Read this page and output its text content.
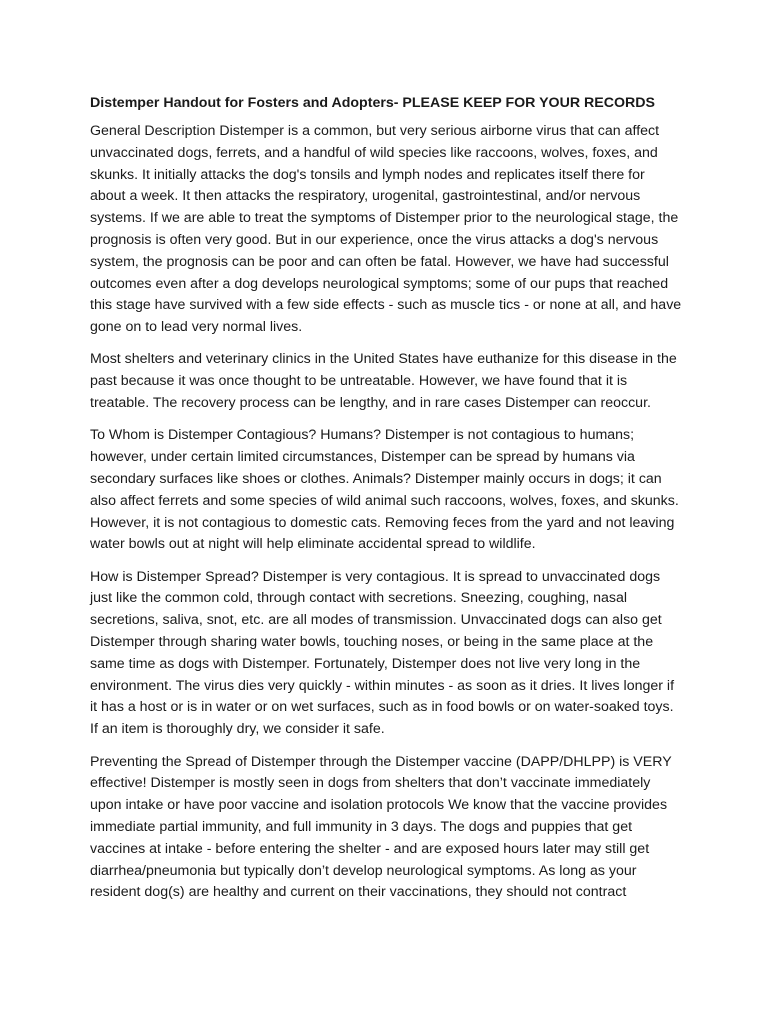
Distemper Handout for Fosters and Adopters- PLEASE KEEP FOR YOUR RECORDS

General Description Distemper is a common, but very serious airborne virus that can affect unvaccinated dogs, ferrets, and a handful of wild species like raccoons, wolves, foxes, and skunks. It initially attacks the dog's tonsils and lymph nodes and replicates itself there for about a week. It then attacks the respiratory, urogenital, gastrointestinal, and/or nervous systems. If we are able to treat the symptoms of Distemper prior to the neurological stage, the prognosis is often very good. But in our experience, once the virus attacks a dog's nervous system, the prognosis can be poor and can often be fatal. However, we have had successful outcomes even after a dog develops neurological symptoms; some of our pups that reached this stage have survived with a few side effects - such as muscle tics - or none at all, and have gone on to lead very normal lives.

Most shelters and veterinary clinics in the United States have euthanize for this disease in the past because it was once thought to be untreatable. However, we have found that it is treatable. The recovery process can be lengthy, and in rare cases Distemper can reoccur.

To Whom is Distemper Contagious? Humans? Distemper is not contagious to humans; however, under certain limited circumstances, Distemper can be spread by humans via secondary surfaces like shoes or clothes. Animals? Distemper mainly occurs in dogs; it can also affect ferrets and some species of wild animal such raccoons, wolves, foxes, and skunks. However, it is not contagious to domestic cats. Removing feces from the yard and not leaving water bowls out at night will help eliminate accidental spread to wildlife.

How is Distemper Spread? Distemper is very contagious. It is spread to unvaccinated dogs just like the common cold, through contact with secretions. Sneezing, coughing, nasal secretions, saliva, snot, etc. are all modes of transmission. Unvaccinated dogs can also get Distemper through sharing water bowls, touching noses, or being in the same place at the same time as dogs with Distemper. Fortunately, Distemper does not live very long in the environment. The virus dies very quickly - within minutes - as soon as it dries. It lives longer if it has a host or is in water or on wet surfaces, such as in food bowls or on water-soaked toys. If an item is thoroughly dry, we consider it safe.

Preventing the Spread of Distemper through the Distemper vaccine (DAPP/DHLPP) is VERY effective! Distemper is mostly seen in dogs from shelters that don’t vaccinate immediately upon intake or have poor vaccine and isolation protocols We know that the vaccine provides immediate partial immunity, and full immunity in 3 days. The dogs and puppies that get vaccines at intake - before entering the shelter - and are exposed hours later may still get diarrhea/pneumonia but typically don’t develop neurological symptoms. As long as your resident dog(s) are healthy and current on their vaccinations, they should not contract
